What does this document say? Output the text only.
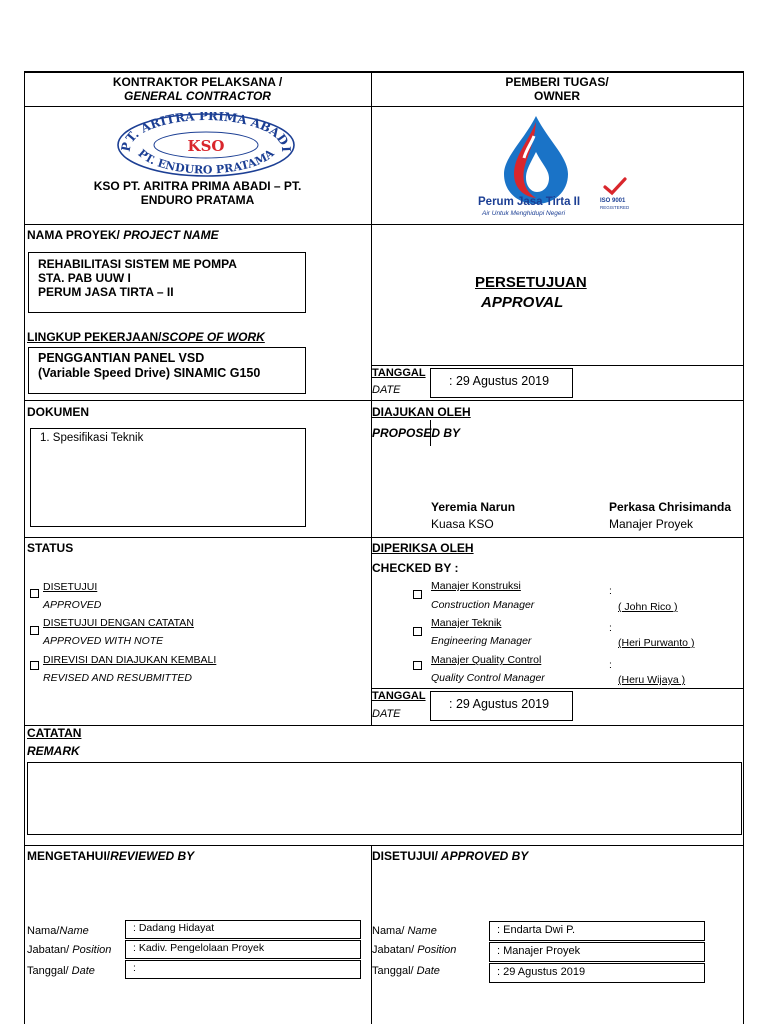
KONTRAKTOR PELAKSANA /
GENERAL CONTRACTOR
PEMBERI TUGAS/
OWNER
PT. ARITRA PRIMA ABADI
KSO
PT. ENDURO PRATAMA
KSO PT. ARITRA PRIMA ABADI – PT.
ENDURO PRATAMA	Perum Jasa Tirta II
Air Untuk Menghidupi Negeri
ISO 9001
REGISTERED
NAMA PROYEK/ PROJECT NAME
REHABILITASI SISTEM ME POMPA
STA. PAB UUW I
PERUM JASA TIRTA – II
LINGKUP PEKERJAAN/SCOPE OF WORK
PENGGANTIAN PANEL VSD
(Variable Speed Drive) SINAMIC G150
PERSETUJUAN
APPROVAL
TANGGAL
DATE
: 29 Agustus 2019
DOKUMEN
1. Spesifikasi Teknik
DIAJUKAN OLEH
PROPOSED BY
Yeremia Narun
Kuasa KSO
Perkasa Chrisimanda
Manajer Proyek
STATUS
DISETUJUI
APPROVED
DISETUJUI DENGAN CATATAN
APPROVED WITH NOTE
DIREVISI DAN DIAJUKAN KEMBALI
REVISED AND RESUBMITTED
DIPERIKSA OLEH
CHECKED BY :
Manajer Konstruksi
Construction Manager
:
( John Rico )
Manajer Teknik
Engineering Manager
:
(Heri Purwanto )
Manajer Quality Control
Quality Control Manager
:
(Heru Wijaya )
TANGGAL
DATE
: 29 Agustus 2019
CATATAN
REMARK
MENGETAHUI/REVIEWED BY
Nama/Name
Jabatan/ Position
Tanggal/ Date
: Dadang Hidayat
: Kadiv. Pengelolaan Proyek
:
DISETUJUI/ APPROVED BY
Nama/ Name
Jabatan/ Position
Tanggal/ Date
: Endarta Dwi P.
: Manajer Proyek
: 29 Agustus 2019
